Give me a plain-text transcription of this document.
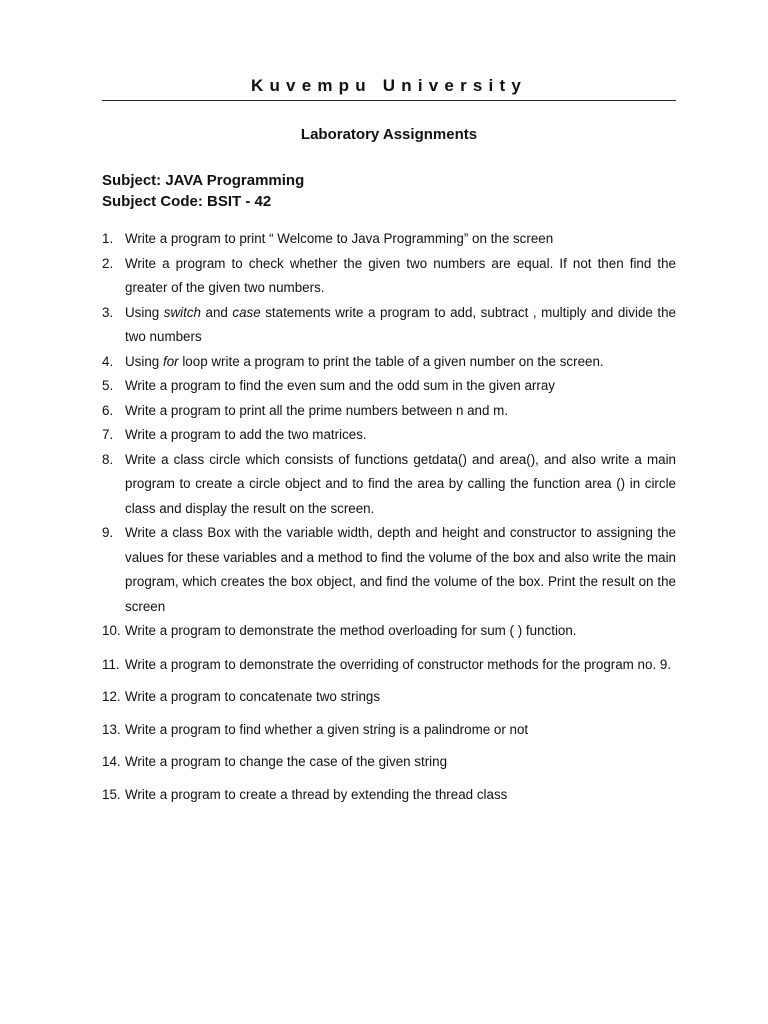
Kuvempu University
Laboratory Assignments
Subject: JAVA Programming
Subject Code: BSIT - 42
1. Write a program to print “ Welcome to Java Programming” on the screen
2. Write a program to check whether the given two numbers are equal. If not then find the greater of the given two numbers.
3. Using switch and case statements write a program to add, subtract , multiply and divide the two numbers
4. Using for loop write a program to print the table of a given number on the screen.
5. Write a program to find the even sum and the odd sum in the given array
6. Write a program to print all the prime numbers between n and m.
7. Write a program to add the two matrices.
8. Write a class circle which consists of functions getdata() and area(), and also write a main program to create a circle object and to find the area by calling the function area () in circle class and display the result on the screen.
9. Write a class Box with the variable width, depth and height and constructor to assigning the values for these variables and a method to find the volume of the box and also write the main program, which creates the box object, and find the volume of the box. Print the result on the screen
10. Write a program to demonstrate the method overloading for sum ( ) function.
11. Write a program to demonstrate the overriding of constructor methods for the program no. 9.
12. Write a program to concatenate two strings
13. Write a program to find whether a given string is a palindrome or not
14. Write a program to change the case of the given string
15. Write a program to create a thread by extending the thread class
